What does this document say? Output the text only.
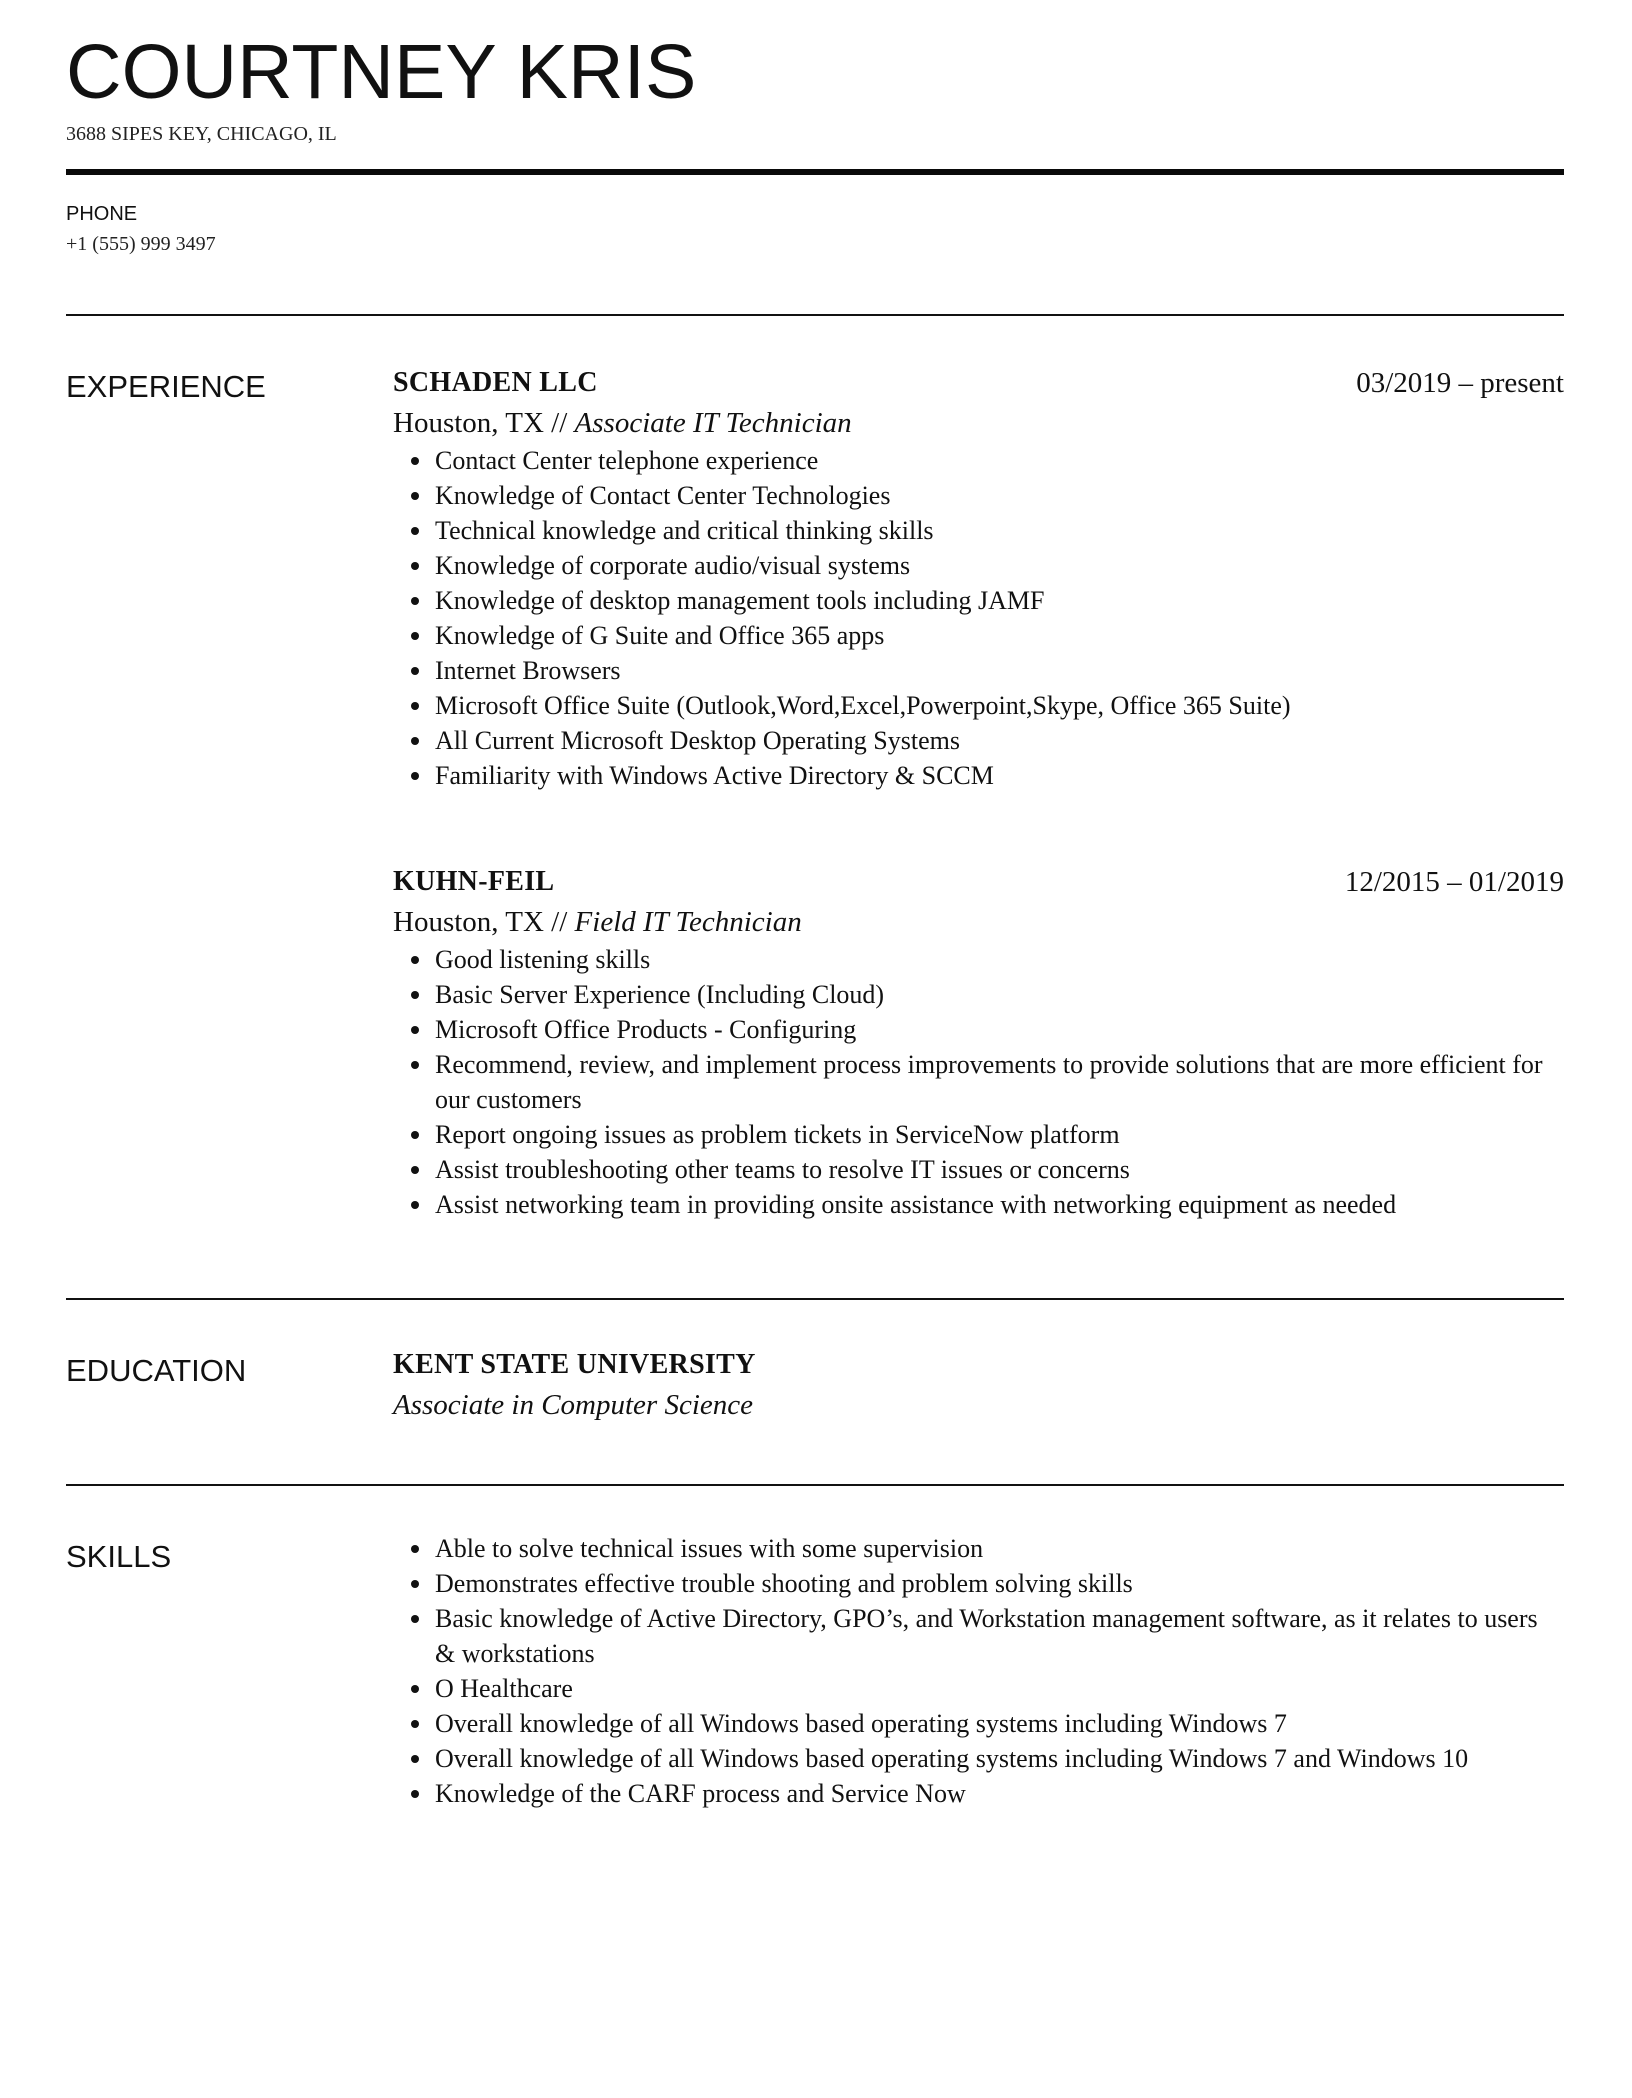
COURTNEY KRIS
3688 SIPES KEY, CHICAGO, IL
PHONE
+1 (555) 999 3497
EXPERIENCE	SCHADEN LLC	03/2019 – present
Houston, TX // Associate IT Technician
Contact Center telephone experience
Knowledge of Contact Center Technologies
Technical knowledge and critical thinking skills
Knowledge of corporate audio/visual systems
Knowledge of desktop management tools including JAMF
Knowledge of G Suite and Office 365 apps
Internet Browsers
Microsoft Office Suite (Outlook,Word,Excel,Powerpoint,Skype, Office 365 Suite)
All Current Microsoft Desktop Operating Systems
Familiarity with Windows Active Directory & SCCM
KUHN-FEIL	12/2015 – 01/2019
Houston, TX // Field IT Technician
Good listening skills
Basic Server Experience (Including Cloud)
Microsoft Office Products - Configuring
Recommend, review, and implement process improvements to provide solutions that are more efficient for our customers
Report ongoing issues as problem tickets in ServiceNow platform
Assist troubleshooting other teams to resolve IT issues or concerns
Assist networking team in providing onsite assistance with networking equipment as needed
EDUCATION	KENT STATE UNIVERSITY
Associate in Computer Science
SKILLS	Able to solve technical issues with some supervision
Demonstrates effective trouble shooting and problem solving skills
Basic knowledge of Active Directory, GPO’s, and Workstation management software, as it relates to users & workstations
O Healthcare
Overall knowledge of all Windows based operating systems including Windows 7
Overall knowledge of all Windows based operating systems including Windows 7 and Windows 10
Knowledge of the CARF process and Service Now
